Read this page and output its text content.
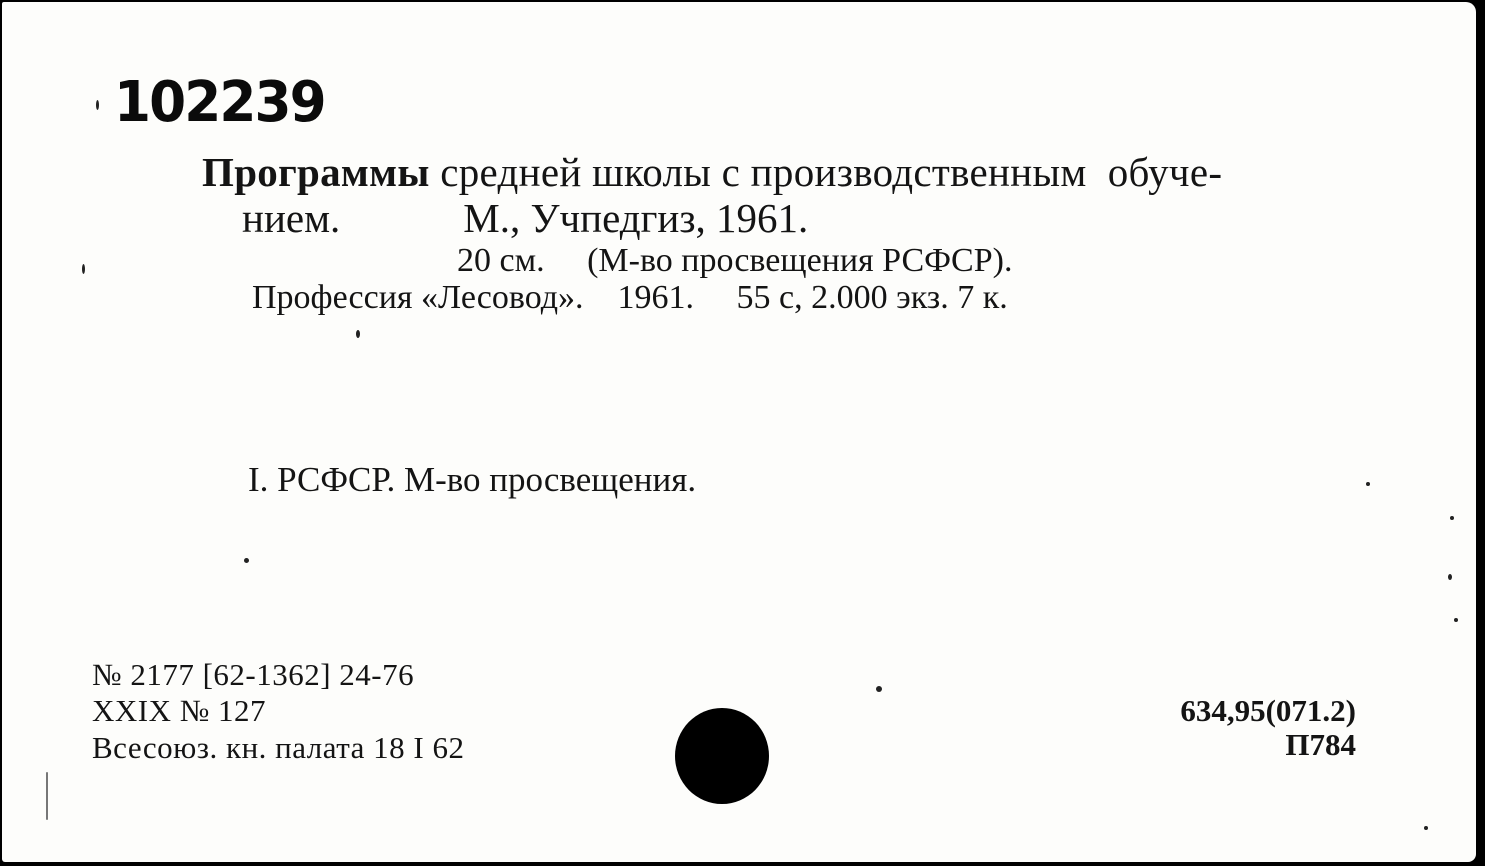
102239
Программы средней школы с производственным  обуче-
нием.            М., Учпедгиз, 1961.
20 см.     (М-во просвещения РСФСР).
Профессия «Лесовод».    1961.     55 с, 2.000 экз. 7 к.
I. РСФСР. М-во просвещения.
№ 2177 [62-1362] 24-76
XXIX № 127
Всесоюз. кн. палата 18 I 62
634,95(071.2)
П784
